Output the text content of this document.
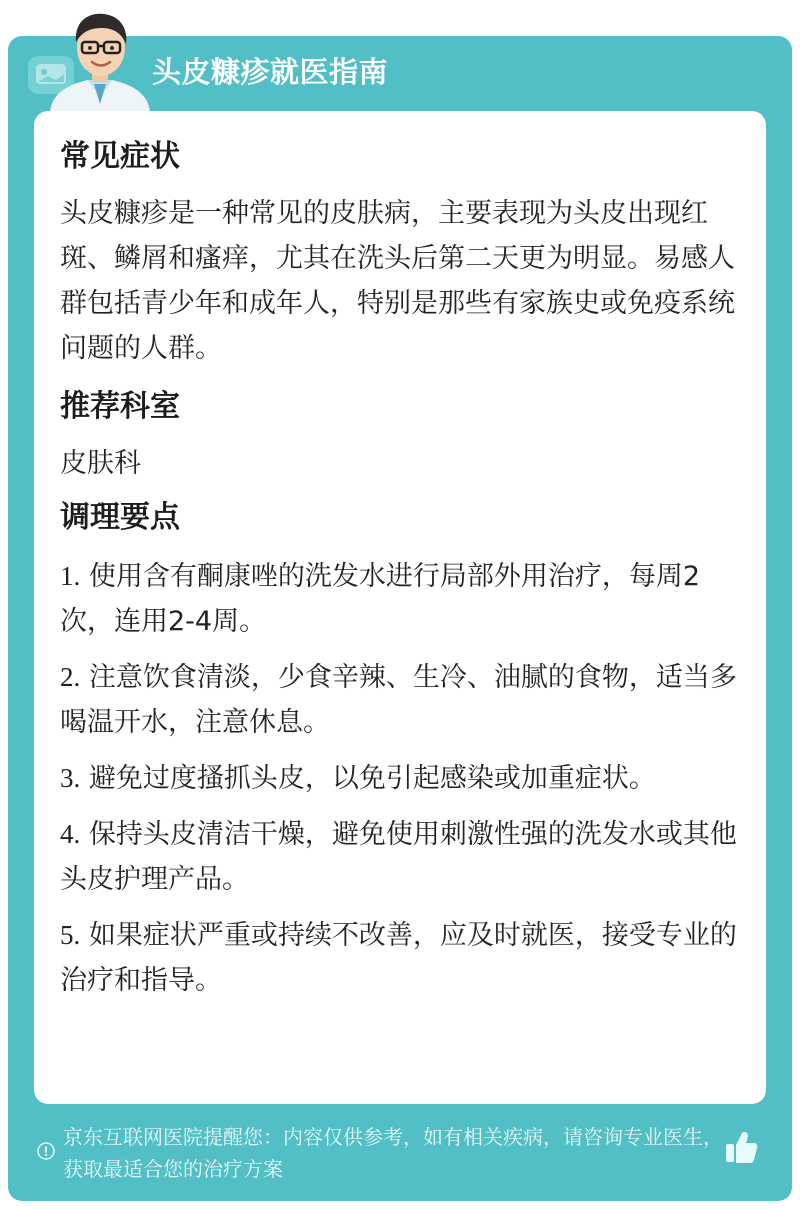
头皮糠疹就医指南
常见症状
头皮糠疹是一种常见的皮肤病，主要表现为头皮出现红斑、鳞屑和瘙痒，尤其在洗头后第二天更为明显。易感人群包括青少年和成年人，特别是那些有家族史或免疫系统问题的人群。
推荐科室
皮肤科
调理要点
1. 使用含有酮康唑的洗发水进行局部外用治疗，每周2次，连用2-4周。
2. 注意饮食清淡，少食辛辣、生冷、油腻的食物，适当多喝温开水，注意休息。
3. 避免过度搔抓头皮，以免引起感染或加重症状。
4. 保持头皮清洁干燥，避免使用刺激性强的洗发水或其他头皮护理产品。
5. 如果症状严重或持续不改善，应及时就医，接受专业的治疗和指导。
京东互联网医院提醒您：内容仅供参考，如有相关疾病，请咨询专业医生，获取最适合您的治疗方案
